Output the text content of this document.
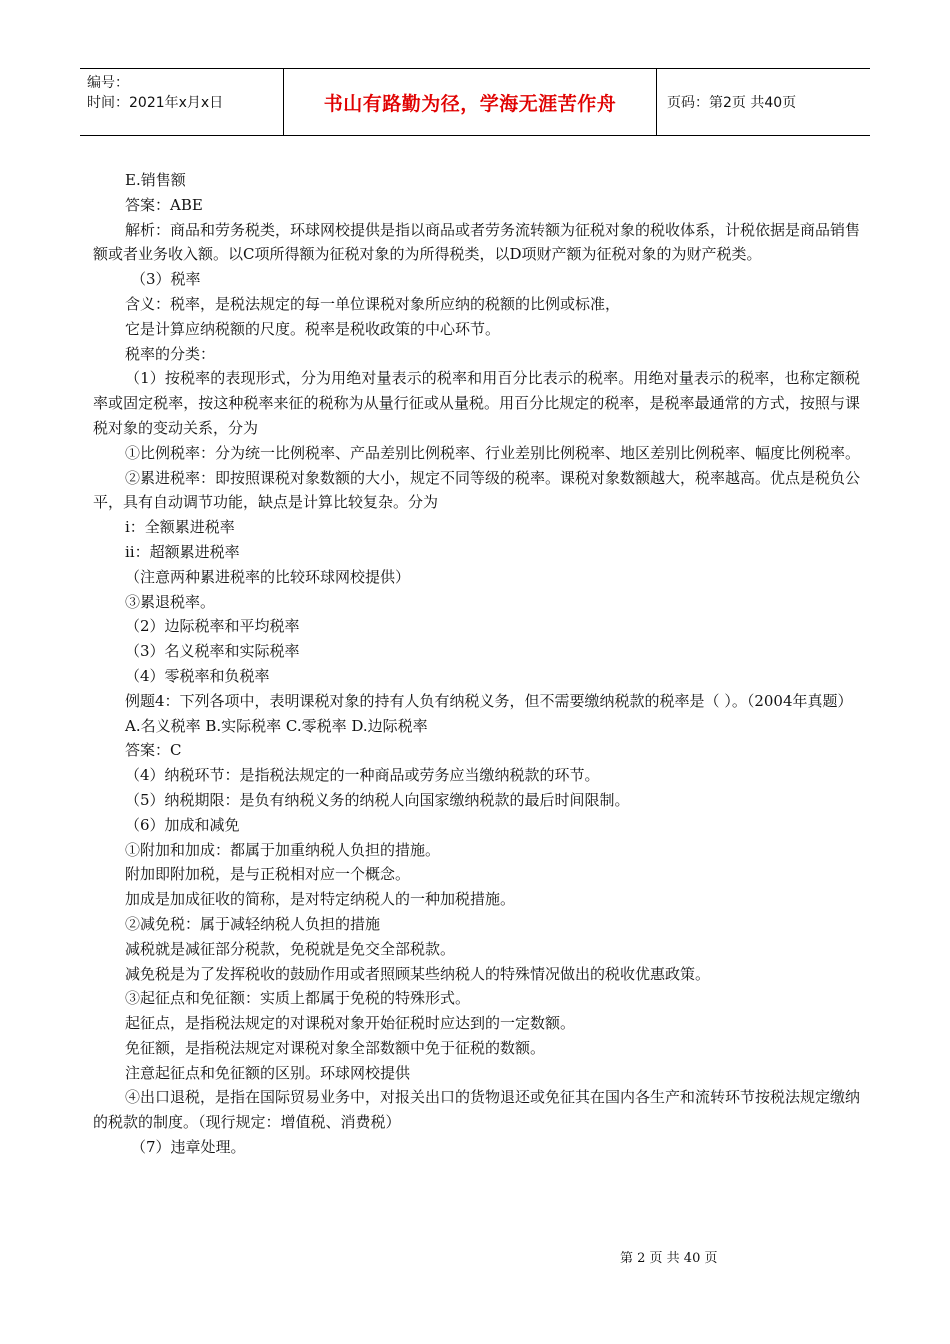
编号：
时间：2021年x月x日	书山有路勤为径，学海无涯苦作舟	页码：第2页 共40页
E.销售额
答案：ABE
解析：商品和劳务税类，环球网校提供是指以商品或者劳务流转额为征税对象的税收体系，计税依据是商品销售额或者业务收入额。以C项所得额为征税对象的为所得税类，以D项财产额为征税对象的为财产税类。
（3）税率
含义：税率，是税法规定的每一单位课税对象所应纳的税额的比例或标准，
它是计算应纳税额的尺度。税率是税收政策的中心环节。
税率的分类：
（1）按税率的表现形式，分为用绝对量表示的税率和用百分比表示的税率。用绝对量表示的税率，也称定额税率或固定税率，按这种税率来征的税称为从量行征或从量税。用百分比规定的税率，是税率最通常的方式，按照与课税对象的变动关系，分为
①比例税率：分为统一比例税率、产品差别比例税率、行业差别比例税率、地区差别比例税率、幅度比例税率。
②累进税率：即按照课税对象数额的大小，规定不同等级的税率。课税对象数额越大，税率越高。优点是税负公平，具有自动调节功能，缺点是计算比较复杂。分为
ⅰ：全额累进税率
ⅱ：超额累进税率
（注意两种累进税率的比较环球网校提供）
③累退税率。
（2）边际税率和平均税率
（3）名义税率和实际税率
（4）零税率和负税率
例题4：下列各项中，表明课税对象的持有人负有纳税义务，但不需要缴纳税款的税率是（ ）。（2004年真题）
A.名义税率 B.实际税率 C.零税率 D.边际税率
答案：C
（4）纳税环节：是指税法规定的一种商品或劳务应当缴纳税款的环节。
（5）纳税期限：是负有纳税义务的纳税人向国家缴纳税款的最后时间限制。
（6）加成和减免
①附加和加成：都属于加重纳税人负担的措施。
附加即附加税，是与正税相对应一个概念。
加成是加成征收的简称，是对特定纳税人的一种加税措施。
②减免税：属于减轻纳税人负担的措施
减税就是减征部分税款，免税就是免交全部税款。
减免税是为了发挥税收的鼓励作用或者照顾某些纳税人的特殊情况做出的税收优惠政策。
③起征点和免征额：实质上都属于免税的特殊形式。
起征点，是指税法规定的对课税对象开始征税时应达到的一定数额。
免征额，是指税法规定对课税对象全部数额中免于征税的数额。
注意起征点和免征额的区别。环球网校提供
④出口退税，是指在国际贸易业务中，对报关出口的货物退还或免征其在国内各生产和流转环节按税法规定缴纳的税款的制度。（现行规定：增值税、消费税）
（7）违章处理。
第 2 页 共 40 页
